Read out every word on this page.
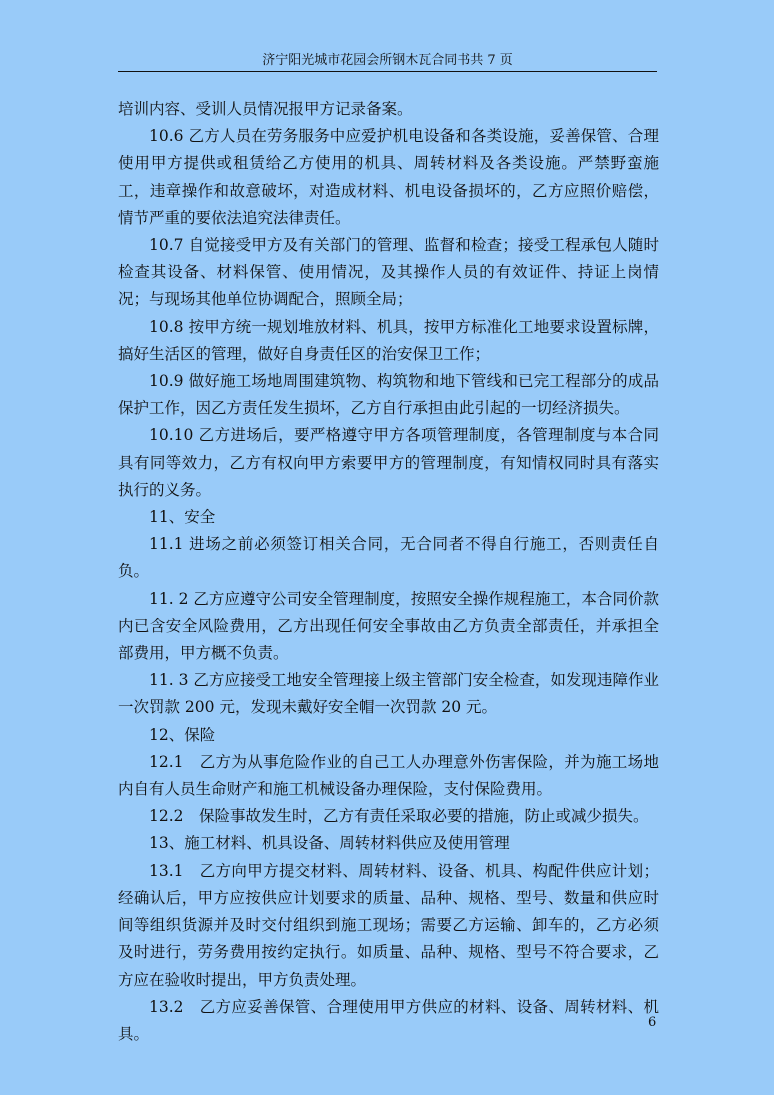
济宁阳光城市花园会所钢木瓦合同书共 7 页

培训内容、受训人员情况报甲方记录备案。

10.6 乙方人员在劳务服务中应爱护机电设备和各类设施，妥善保管、合理使用甲方提供或租赁给乙方使用的机具、周转材料及各类设施。严禁野蛮施工，违章操作和故意破坏，对造成材料、机电设备损坏的，乙方应照价赔偿，情节严重的要依法追究法律责任。

10.7 自觉接受甲方及有关部门的管理、监督和检查；接受工程承包人随时检查其设备、材料保管、使用情况，及其操作人员的有效证件、持证上岗情况；与现场其他单位协调配合，照顾全局；

10.8 按甲方统一规划堆放材料、机具，按甲方标准化工地要求设置标牌，搞好生活区的管理，做好自身责任区的治安保卫工作；

10.9 做好施工场地周围建筑物、构筑物和地下管线和已完工程部分的成品保护工作，因乙方责任发生损坏，乙方自行承担由此引起的一切经济损失。

10.10 乙方进场后，要严格遵守甲方各项管理制度，各管理制度与本合同具有同等效力，乙方有权向甲方索要甲方的管理制度，有知情权同时具有落实执行的义务。

11、安全

11.1 进场之前必须签订相关合同，无合同者不得自行施工，否则责任自负。

11. 2 乙方应遵守公司安全管理制度，按照安全操作规程施工，本合同价款内已含安全风险费用，乙方出现任何安全事故由乙方负责全部责任，并承担全部费用，甲方概不负责。

11. 3 乙方应接受工地安全管理接上级主管部门安全检查，如发现违障作业一次罚款 200 元，发现未戴好安全帽一次罚款 20 元。

12、保险

12.1　乙方为从事危险作业的自己工人办理意外伤害保险，并为施工场地内自有人员生命财产和施工机械设备办理保险，支付保险费用。

12.2　保险事故发生时，乙方有责任采取必要的措施，防止或减少损失。

13、施工材料、机具设备、周转材料供应及使用管理

13.1　乙方向甲方提交材料、周转材料、设备、机具、构配件供应计划；经确认后，甲方应按供应计划要求的质量、品种、规格、型号、数量和供应时间等组织货源并及时交付组织到施工现场；需要乙方运输、卸车的，乙方必须及时进行，劳务费用按约定执行。如质量、品种、规格、型号不符合要求，乙方应在验收时提出，甲方负责处理。

13.2　乙方应妥善保管、合理使用甲方供应的材料、设备、周转材料、机具。

6
